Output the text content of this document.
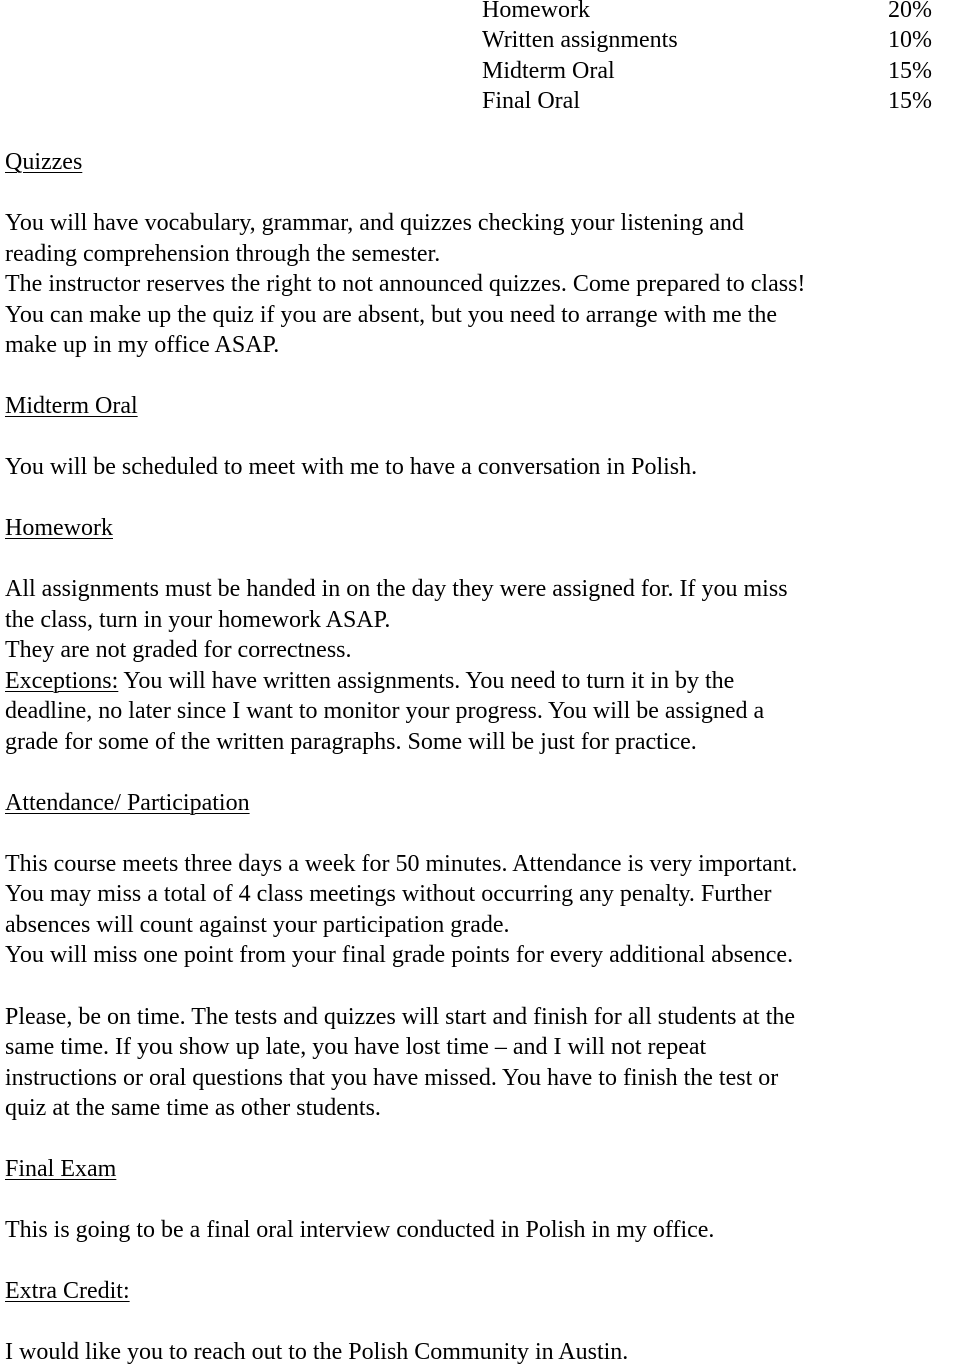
Homework	20%
Written assignments	10%
Midterm Oral	15%
Final Oral	15%
Quizzes
You will have vocabulary, grammar, and quizzes checking your listening and
reading comprehension through the semester.
The instructor reserves the right to not announced quizzes. Come prepared to class!
You can make up the quiz if you are absent, but you need to arrange with me the
make up in my office ASAP.
Midterm Oral
You will be scheduled to meet with me to have a conversation in Polish.
Homework
All assignments must be handed in on the day they were assigned for. If you miss
the class, turn in your homework ASAP.
They are not graded for correctness.
Exceptions: You will have written assignments. You need to turn it in by the
deadline, no later since I want to monitor your progress. You will be assigned a
grade for some of the written paragraphs. Some will be just for practice.
Attendance/ Participation
This course meets three days a week for 50 minutes. Attendance is very important.
You may miss a total of 4 class meetings without occurring any penalty. Further
absences will count against your participation grade.
You will miss one point from your final grade points for every additional absence.
Please, be on time. The tests and quizzes will start and finish for all students at the
same time. If you show up late, you have lost time – and I will not repeat
instructions or oral questions that you have missed. You have to finish the test or
quiz at the same time as other students.
Final Exam
This is going to be a final oral interview conducted in Polish in my office.
Extra Credit:
I would like you to reach out to the Polish Community in Austin.
